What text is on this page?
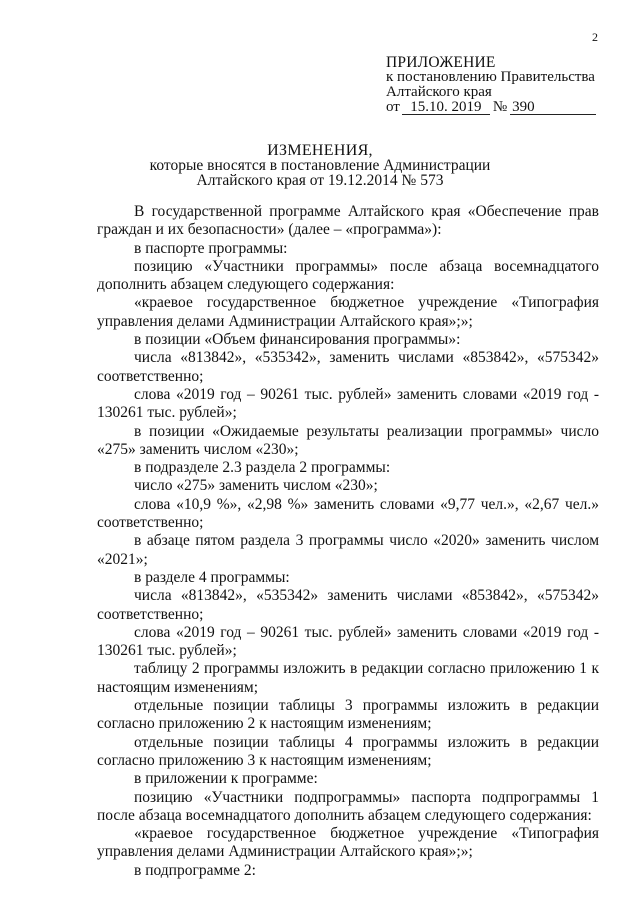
2
ПРИЛОЖЕНИЕ
к постановлению Правительства
Алтайского края
от 15.10. 2019 № 390
ИЗМЕНЕНИЯ,
которые вносятся в постановление Администрации
Алтайского края от 19.12.2014 № 573

В государственной программе Алтайского края «Обеспечение прав граждан и их безопасности» (далее – «программа»):

в паспорте программы:

позицию «Участники программы» после абзаца восемнадцатого дополнить абзацем следующего содержания:

«краевое государственное бюджетное учреждение «Типография управления делами Администрации Алтайского края»;»;

в позиции «Объем финансирования программы»:

числа «813842», «535342», заменить числами «853842», «575342» соответственно;

слова «2019 год – 90261 тыс. рублей» заменить словами «2019 год - 130261 тыс. рублей»;

в позиции «Ожидаемые результаты реализации программы» число «275» заменить числом «230»;

в подразделе 2.3 раздела 2 программы:

число «275» заменить числом «230»;

слова «10,9 %», «2,98 %» заменить словами «9,77 чел.», «2,67 чел.» соответственно;

в абзаце пятом раздела 3 программы число «2020» заменить числом «2021»;

в разделе 4 программы:

числа «813842», «535342» заменить числами «853842», «575342» соответственно;

слова «2019 год – 90261 тыс. рублей» заменить словами «2019 год - 130261 тыс. рублей»;

таблицу 2 программы изложить в редакции согласно приложению 1 к настоящим изменениям;

отдельные позиции таблицы 3 программы изложить в редакции согласно приложению 2 к настоящим изменениям;

отдельные позиции таблицы 4 программы изложить в редакции согласно приложению 3 к настоящим изменениям;

в приложении к программе:

позицию «Участники подпрограммы» паспорта подпрограммы 1 после абзаца восемнадцатого дополнить абзацем следующего содержания:

«краевое государственное бюджетное учреждение «Типография управления делами Администрации Алтайского края»;»;

в подпрограмме 2:
